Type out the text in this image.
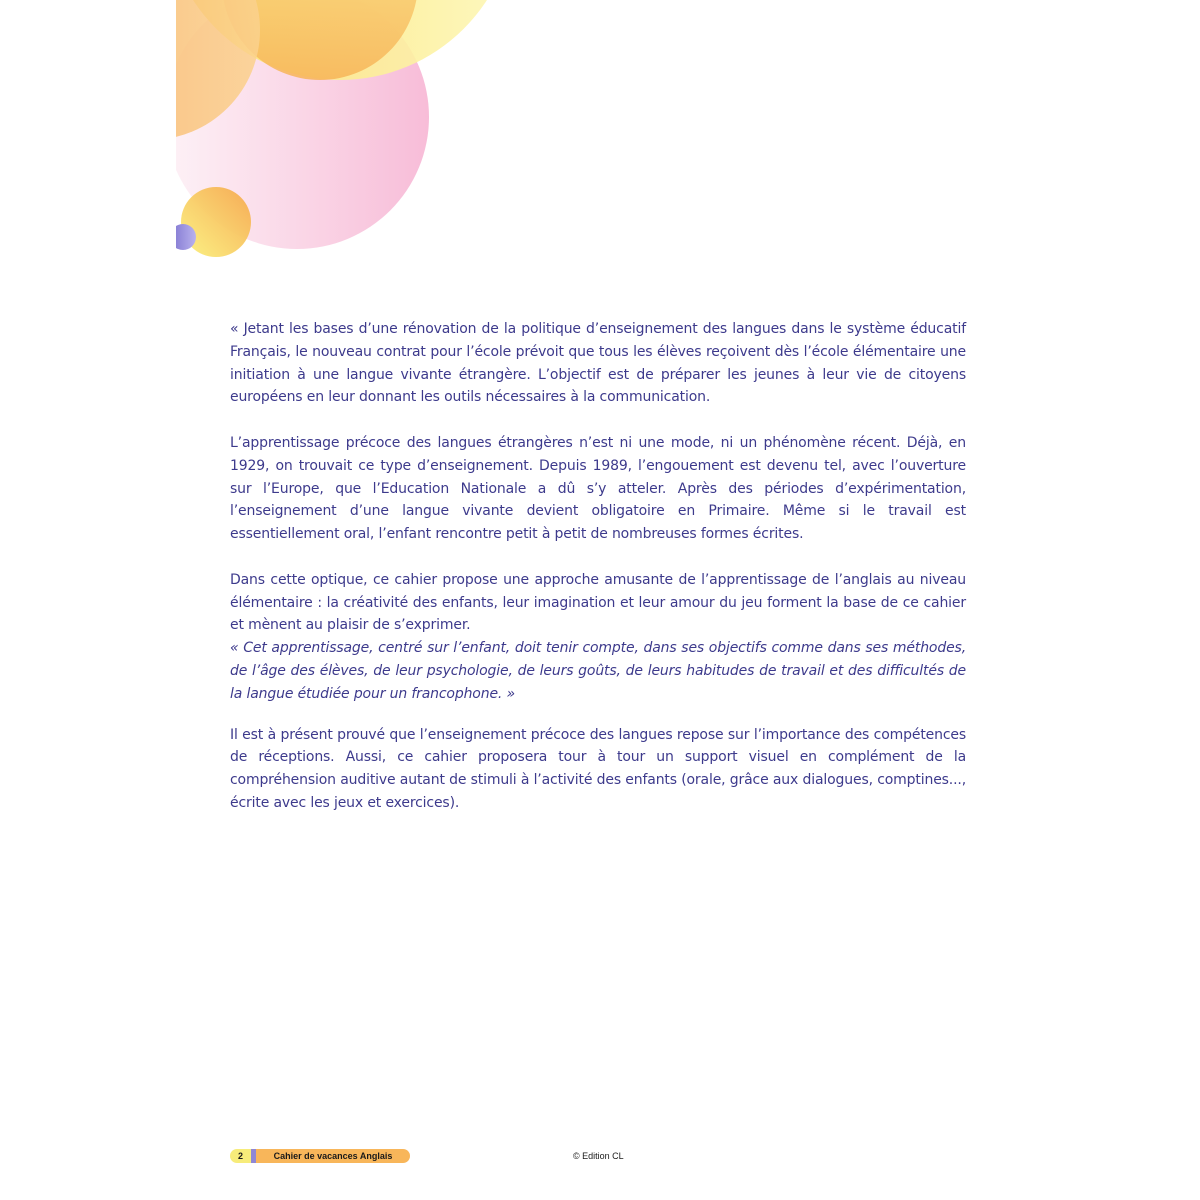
« Jetant les bases d’une rénovation de la politique d’enseignement des langues dans le système éducatif Français, le nouveau contrat pour l’école prévoit que tous les élèves reçoivent dès l’école élémentaire une initiation à une langue vivante étrangère. L’objectif est de préparer les jeunes à leur vie de citoyens européens en leur donnant les outils nécessaires à la communication.

L’apprentissage précoce des langues étrangères n’est ni une mode, ni un phénomène récent. Déjà, en 1929, on trouvait ce type d’enseignement. Depuis 1989, l’engouement est devenu tel, avec l’ouverture sur l’Europe, que l’Education Nationale a dû s’y atteler. Après des périodes d’expérimentation, l’enseignement d’une langue vivante devient obligatoire en Primaire. Même si le travail est essentiellement oral, l’enfant rencontre petit à petit de nombreuses formes écrites.

Dans cette optique, ce cahier propose une approche amusante de l’apprentissage de l’anglais au niveau élémentaire : la créativité des enfants, leur imagination et leur amour du jeu forment la base de ce cahier et mènent au plaisir de s’exprimer.

« Cet apprentissage, centré sur l’enfant, doit tenir compte, dans ses objectifs comme dans ses méthodes, de l’âge des élèves, de leur psychologie, de leurs goûts, de leurs habitudes de travail et des difficultés de la langue étudiée pour un francophone. »

Il est à présent prouvé que l’enseignement précoce des langues repose sur l’importance des compétences de réceptions. Aussi, ce cahier proposera tour à tour un support visuel en complément de la compréhension auditive autant de stimuli à l’activité des enfants (orale, grâce aux dialogues, comptines..., écrite avec les jeux et exercices).

2	Cahier de vacances Anglais	© Edition CL
